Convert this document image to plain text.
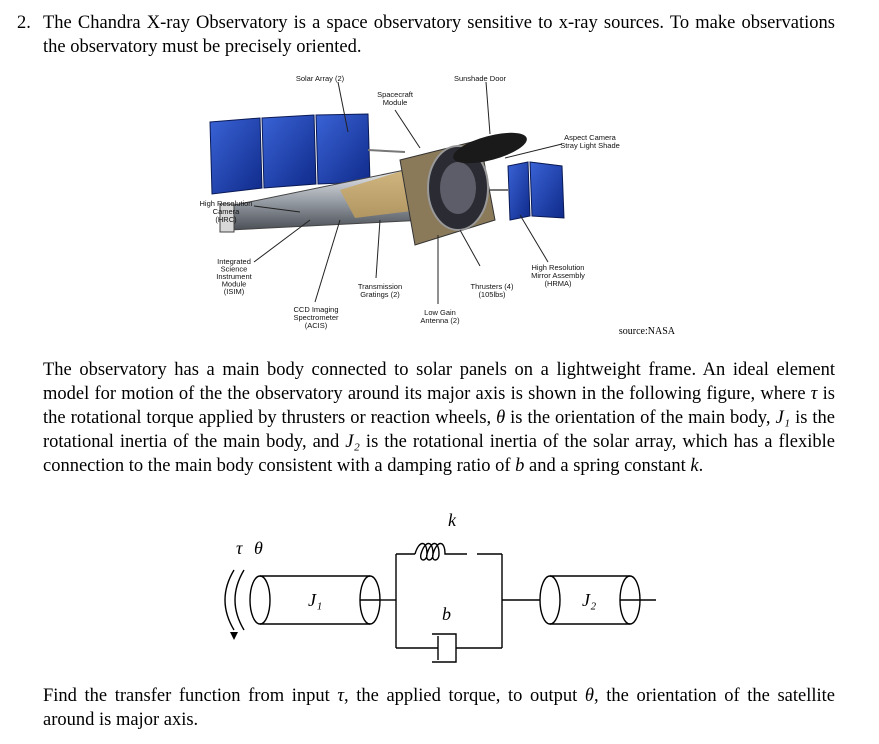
2. The Chandra X-ray Observatory is a space observatory sensitive to x-ray sources. To make observations the observatory must be precisely oriented.

Solar Array (2)
Spacecraft Module
Sunshade Door
Aspect Camera Stray Light Shade
High Resolution Camera (HRC)
Integrated Science Instrument Module (ISIM)
Transmission Gratings (2)
Thrusters (4) (105lbs)
High Resolution Mirror Assembly (HRMA)
CCD Imaging Spectrometer (ACIS)
Low Gain Antenna (2)
source:NASA

The observatory has a main body connected to solar panels on a lightweight frame. An ideal element model for motion of the the observatory around its major axis is shown in the following figure, where τ is the rotational torque applied by thrusters or reaction wheels, θ is the orientation of the main body, J₁ is the rotational inertia of the main body, and J₂ is the rotational inertia of the solar array, which has a flexible connection to the main body consistent with a damping ratio of b and a spring constant k.

τ θ
J₁
k
b
J₂

Find the transfer function from input τ, the applied torque, to output θ, the orientation of the satellite around is major axis.
